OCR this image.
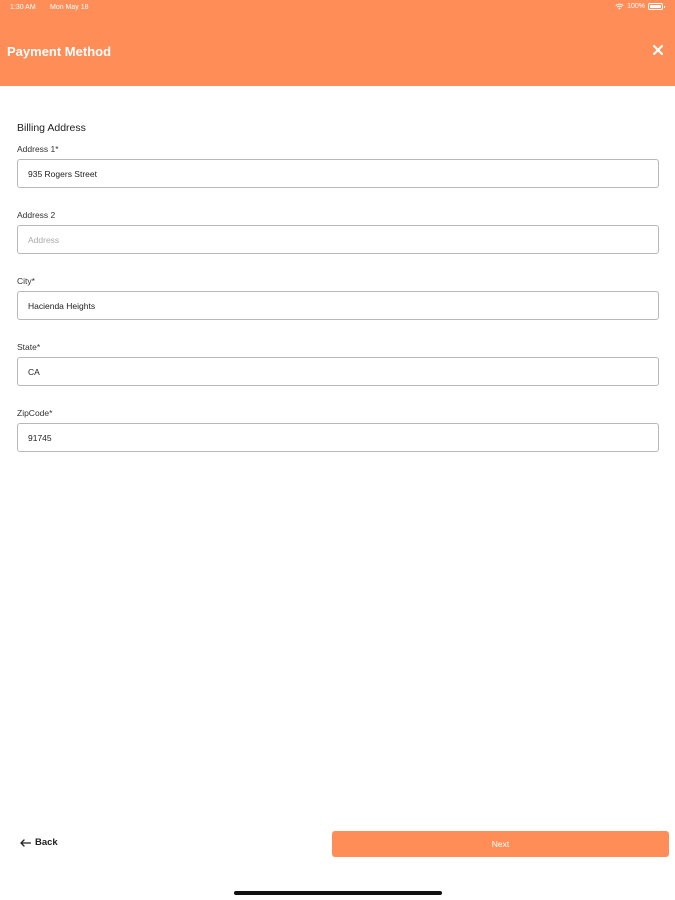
1:30 AM Mon May 18	100%
Payment Method
Billing Address
Address 1*
935 Rogers Street
Address 2
Address
City*
Hacienda Heights
State*
CA
ZipCode*
91745
Back	Next
